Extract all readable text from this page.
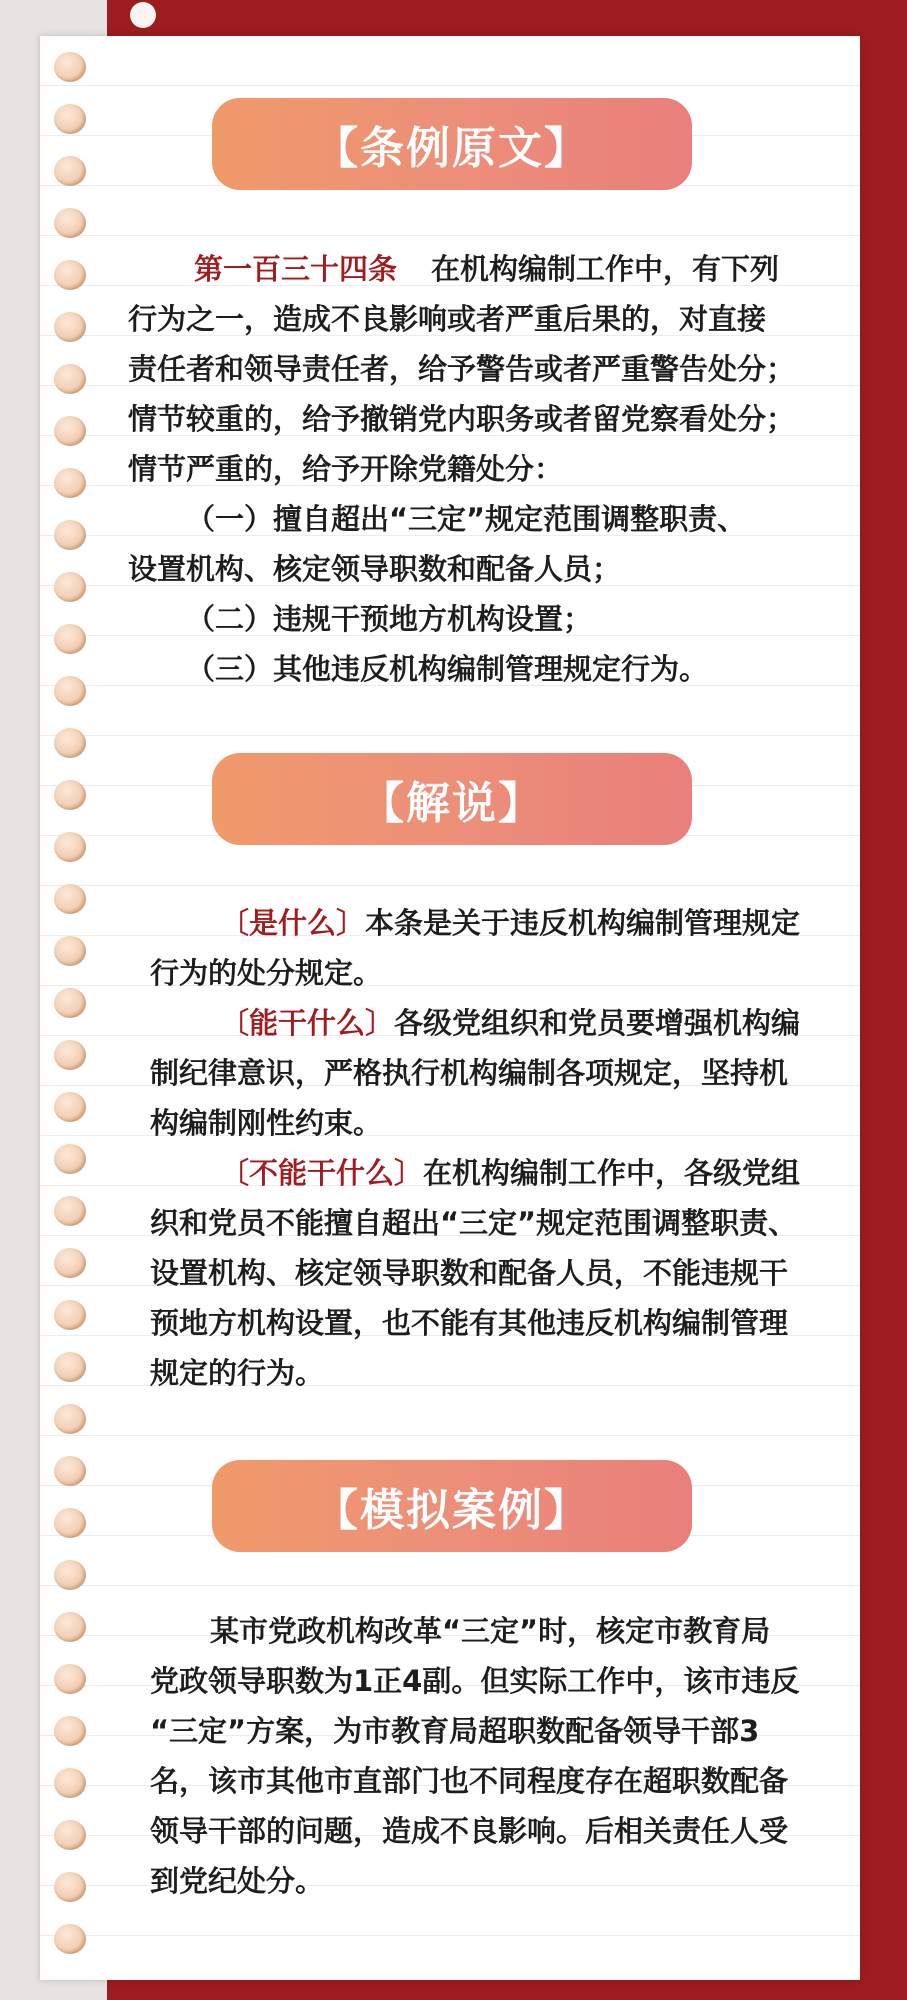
【条例原文】
第一百三十四条 在机构编制工作中，有下列
行为之一，造成不良影响或者严重后果的，对直接
责任者和领导责任者，给予警告或者严重警告处分；
情节较重的，给予撤销党内职务或者留党察看处分；
情节严重的，给予开除党籍处分：
（一）擅自超出“三定”规定范围调整职责、
设置机构、核定领导职数和配备人员；
（二）违规干预地方机构设置；
（三）其他违反机构编制管理规定行为。
【解说】
〔是什么〕本条是关于违反机构编制管理规定
行为的处分规定。
〔能干什么〕各级党组织和党员要增强机构编
制纪律意识，严格执行机构编制各项规定，坚持机
构编制刚性约束。
〔不能干什么〕在机构编制工作中，各级党组
织和党员不能擅自超出“三定”规定范围调整职责、
设置机构、核定领导职数和配备人员，不能违规干
预地方机构设置，也不能有其他违反机构编制管理
规定的行为。
【模拟案例】
某市党政机构改革“三定”时，核定市教育局
党政领导职数为1正4副。但实际工作中，该市违反
“三定”方案，为市教育局超职数配备领导干部3
名，该市其他市直部门也不同程度存在超职数配备
领导干部的问题，造成不良影响。后相关责任人受
到党纪处分。
